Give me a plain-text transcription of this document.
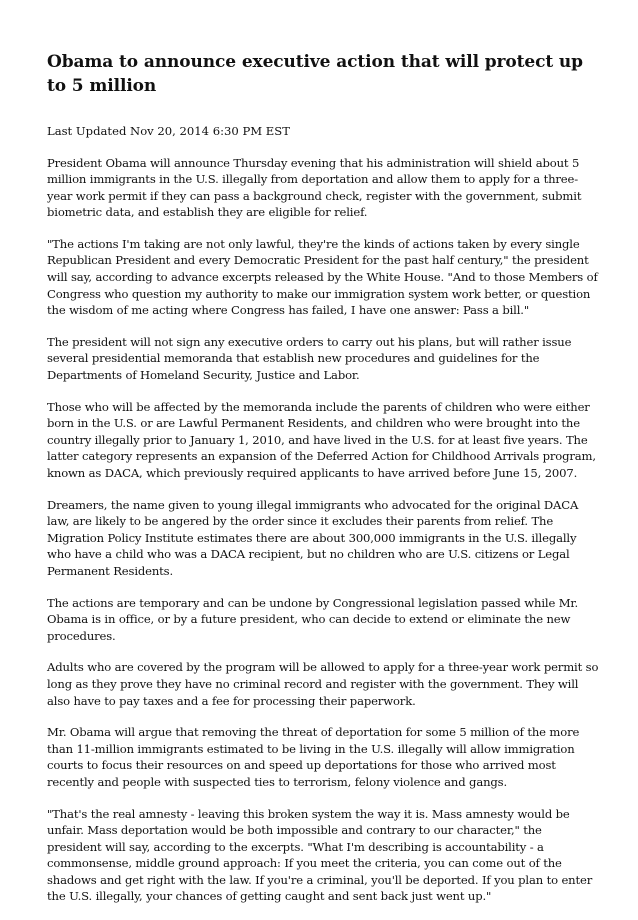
Obama to announce executive action that will protect up to 5 million

Last Updated Nov 20, 2014 6:30 PM EST

President Obama will announce Thursday evening that his administration will shield about 5 million immigrants in the U.S. illegally from deportation and allow them to apply for a three-year work permit if they can pass a background check, register with the government, submit biometric data, and establish they are eligible for relief.

"The actions I'm taking are not only lawful, they're the kinds of actions taken by every single Republican President and every Democratic President for the past half century," the president will say, according to advance excerpts released by the White House. "And to those Members of Congress who question my authority to make our immigration system work better, or question the wisdom of me acting where Congress has failed, I have one answer: Pass a bill."

The president will not sign any executive orders to carry out his plans, but will rather issue several presidential memoranda that establish new procedures and guidelines for the Departments of Homeland Security, Justice and Labor.

Those who will be affected by the memoranda include the parents of children who were either born in the U.S. or are Lawful Permanent Residents, and children who were brought into the country illegally prior to January 1, 2010, and have lived in the U.S. for at least five years. The latter category represents an expansion of the Deferred Action for Childhood Arrivals program, known as DACA, which previously required applicants to have arrived before June 15, 2007.

Dreamers, the name given to young illegal immigrants who advocated for the original DACA law, are likely to be angered by the order since it excludes their parents from relief. The Migration Policy Institute estimates there are about 300,000 immigrants in the U.S. illegally who have a child who was a DACA recipient, but no children who are U.S. citizens or Legal Permanent Residents.

The actions are temporary and can be undone by Congressional legislation passed while Mr. Obama is in office, or by a future president, who can decide to extend or eliminate the new procedures.

Adults who are covered by the program will be allowed to apply for a three-year work permit so long as they prove they have no criminal record and register with the government. They will also have to pay taxes and a fee for processing their paperwork.

Mr. Obama will argue that removing the threat of deportation for some 5 million of the more than 11-million immigrants estimated to be living in the U.S. illegally will allow immigration courts to focus their resources on and speed up deportations for those who arrived most recently and people with suspected ties to terrorism, felony violence and gangs.

"That's the real amnesty - leaving this broken system the way it is. Mass amnesty would be unfair. Mass deportation would be both impossible and contrary to our character," the president will say, according to the excerpts. "What I'm describing is accountability - a commonsense, middle ground approach: If you meet the criteria, you can come out of the shadows and get right with the law. If you're a criminal, you'll be deported. If you plan to enter the U.S. illegally, your chances of getting caught and sent back just went up."
